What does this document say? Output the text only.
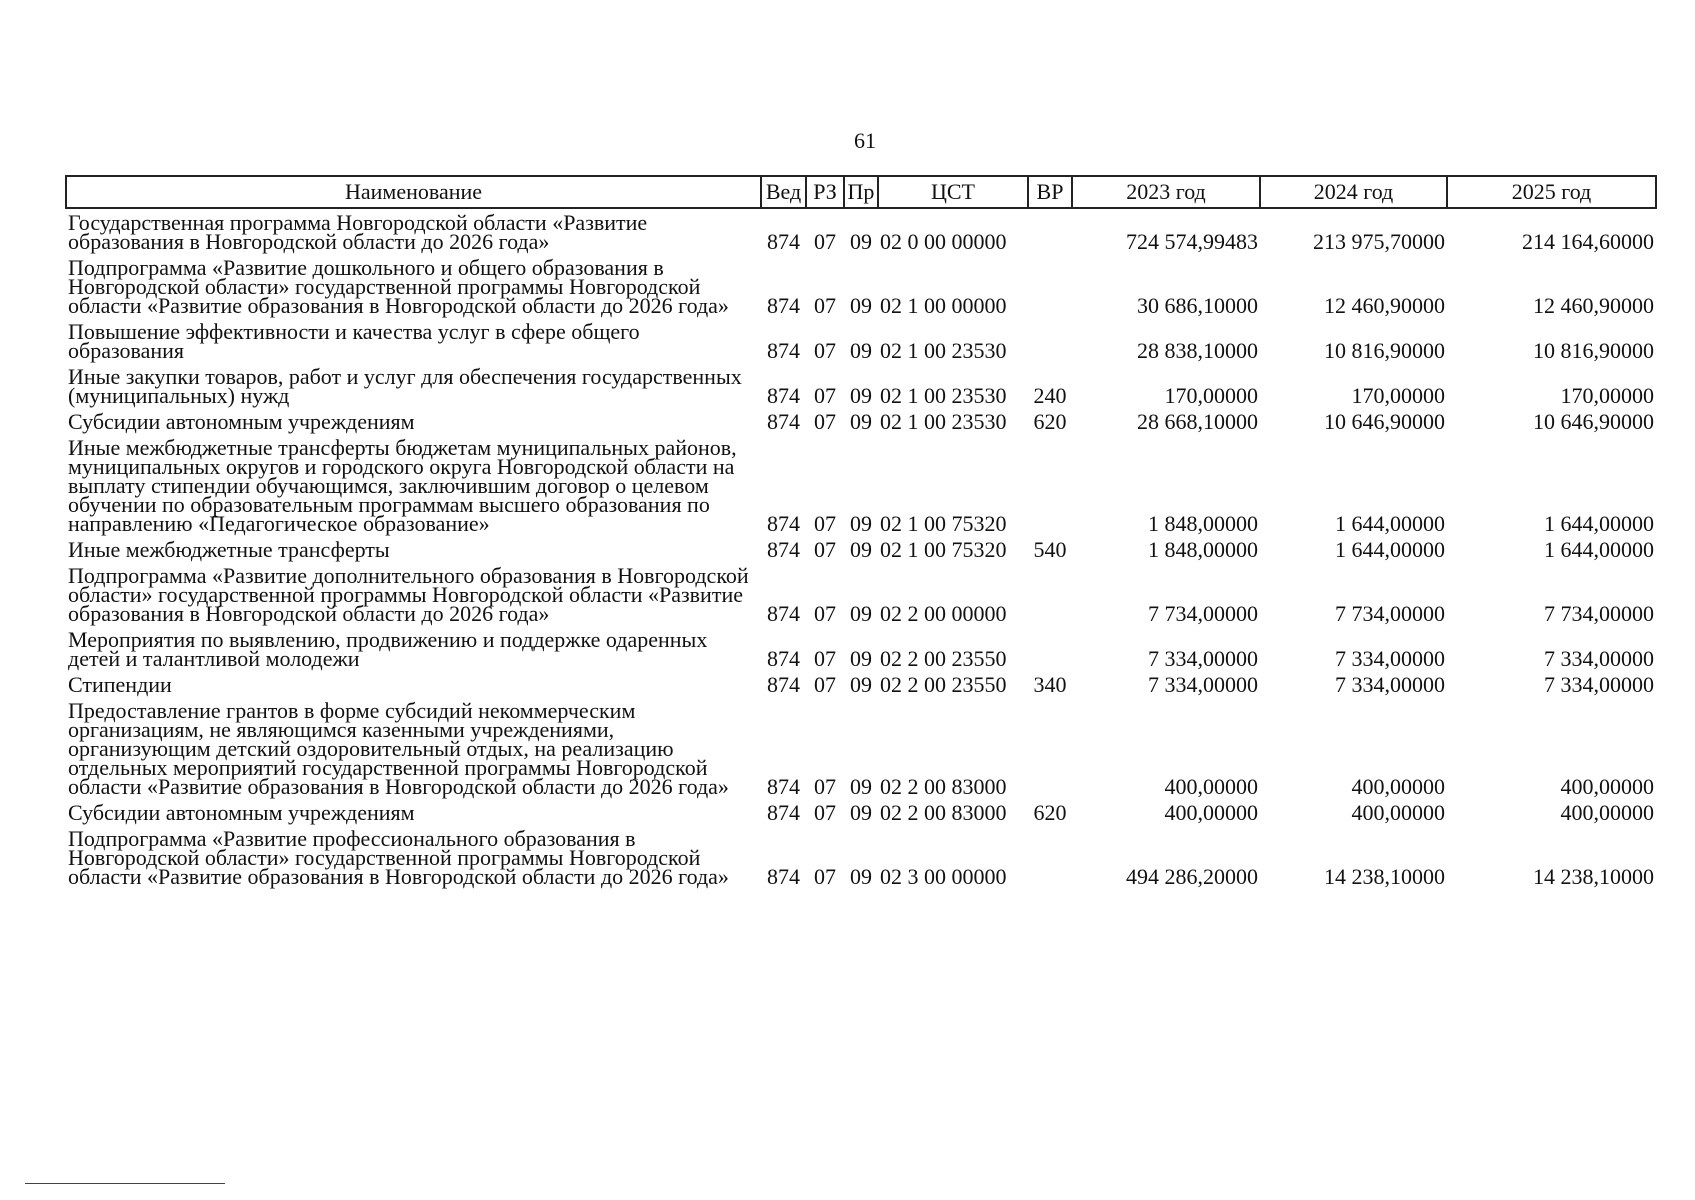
61
Наименование	Вед	РЗ	Пр	ЦСТ	ВР	2023 год	2024 год	2025 год
Государственная программа Новгородской области «Развитие образования в Новгородской области до 2026 года»	874	07	09	02 0 00 00000		724 574,99483	213 975,70000	214 164,60000
Подпрограмма «Развитие дошкольного и общего образования в Новгородской области» государственной программы Новгородской области «Развитие образования в Новгородской области до 2026 года»	874	07	09	02 1 00 00000		30 686,10000	12 460,90000	12 460,90000
Повышение эффективности и качества услуг в сфере общего образования	874	07	09	02 1 00 23530		28 838,10000	10 816,90000	10 816,90000
Иные закупки товаров, работ и услуг для обеспечения государственных (муниципальных) нужд	874	07	09	02 1 00 23530	240	170,00000	170,00000	170,00000
Субсидии автономным учреждениям	874	07	09	02 1 00 23530	620	28 668,10000	10 646,90000	10 646,90000
Иные межбюджетные трансферты бюджетам муниципальных районов, муниципальных округов и городского округа Новгородской области на выплату стипендии обучающимся, заключившим договор о целевом обучении по образовательным программам высшего образования по направлению «Педагогическое образование»	874	07	09	02 1 00 75320		1 848,00000	1 644,00000	1 644,00000
Иные межбюджетные трансферты	874	07	09	02 1 00 75320	540	1 848,00000	1 644,00000	1 644,00000
Подпрограмма «Развитие дополнительного образования в Новгородской области» государственной программы Новгородской области «Развитие образования в Новгородской области до 2026 года»	874	07	09	02 2 00 00000		7 734,00000	7 734,00000	7 734,00000
Мероприятия по выявлению, продвижению и поддержке одаренных детей и талантливой молодежи	874	07	09	02 2 00 23550		7 334,00000	7 334,00000	7 334,00000
Стипендии	874	07	09	02 2 00 23550	340	7 334,00000	7 334,00000	7 334,00000
Предоставление грантов в форме субсидий некоммерческим организациям, не являющимся казенными учреждениями, организующим детский оздоровительный отдых, на реализацию отдельных мероприятий государственной программы Новгородской области «Развитие образования в Новгородской области до 2026 года»	874	07	09	02 2 00 83000		400,00000	400,00000	400,00000
Субсидии автономным учреждениям	874	07	09	02 2 00 83000	620	400,00000	400,00000	400,00000
Подпрограмма «Развитие профессионального образования в Новгородской области» государственной программы Новгородской области «Развитие образования в Новгородской области до 2026 года»	874	07	09	02 3 00 00000		494 286,20000	14 238,10000	14 238,10000
